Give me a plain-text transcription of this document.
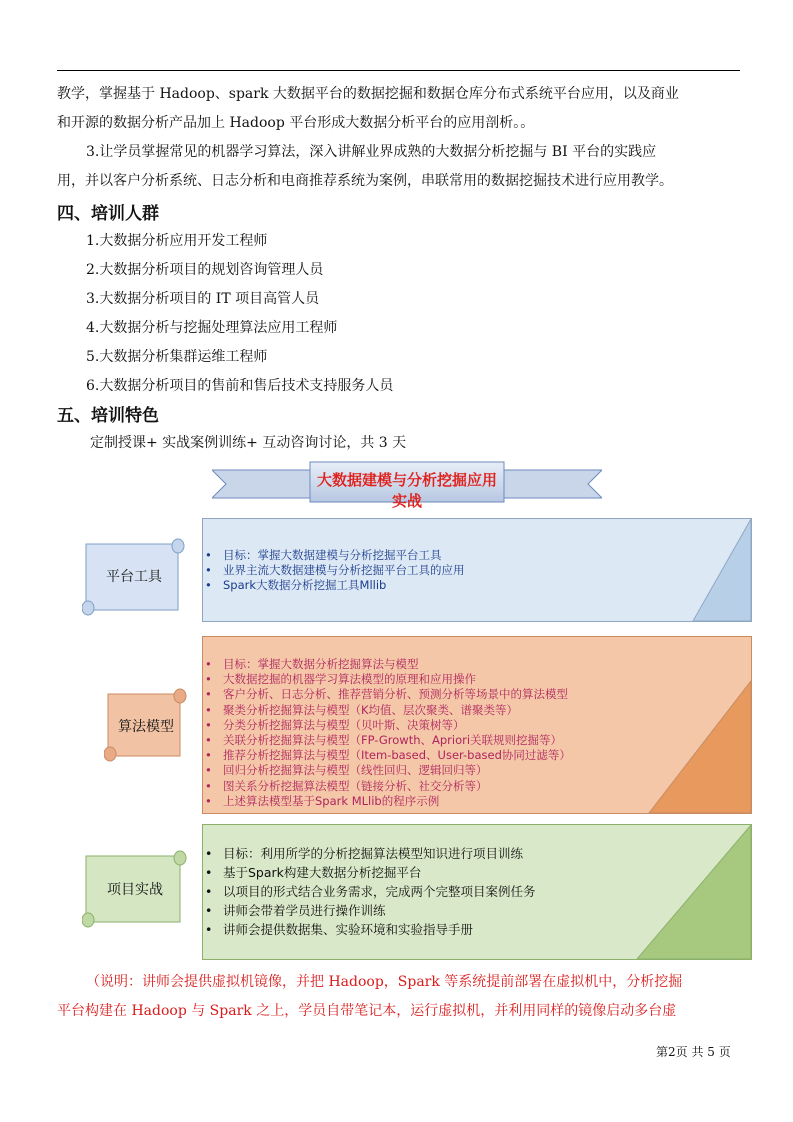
教学，掌握基于 Hadoop、spark 大数据平台的数据挖掘和数据仓库分布式系统平台应用，以及商业

和开源的数据分析产品加上 Hadoop 平台形成大数据分析平台的应用剖析。。

3.让学员掌握常见的机器学习算法，深入讲解业界成熟的大数据分析挖掘与 BI 平台的实践应

用，并以客户分析系统、日志分析和电商推荐系统为案例，串联常用的数据挖掘技术进行应用教学。

四、培训人群

1.大数据分析应用开发工程师

2.大数据分析项目的规划咨询管理人员

3.大数据分析项目的 IT 项目高管人员

4.大数据分析与挖掘处理算法应用工程师

5.大数据分析集群运维工程师

6.大数据分析项目的售前和售后技术支持服务人员

五、培训特色

定制授课+ 实战案例训练+ 互动咨询讨论，共 3 天

大数据建模与分析挖掘应用实战
平台工具
• 目标：掌握大数据建模与分析挖掘平台工具
• 业界主流大数据建模与分析挖掘平台工具的应用
• Spark大数据分析挖掘工具Mllib
算法模型
• 目标：掌握大数据分析挖掘算法与模型
• 大数据挖掘的机器学习算法模型的原理和应用操作
• 客户分析、日志分析、推荐营销分析、预测分析等场景中的算法模型
• 聚类分析挖掘算法与模型（K均值、层次聚类、谱聚类等）
• 分类分析挖掘算法与模型（贝叶斯、决策树等）
• 关联分析挖掘算法与模型（FP-Growth、Apriori关联规则挖掘等）
• 推荐分析挖掘算法与模型（Item-based、User-based协同过滤等）
• 回归分析挖掘算法与模型（线性回归、逻辑回归等）
• 图关系分析挖掘算法模型（链接分析、社交分析等）
• 上述算法模型基于Spark MLlib的程序示例
项目实战
• 目标：利用所学的分析挖掘算法模型知识进行项目训练
• 基于Spark构建大数据分析挖掘平台
• 以项目的形式结合业务需求，完成两个完整项目案例任务
• 讲师会带着学员进行操作训练
• 讲师会提供数据集、实验环境和实验指导手册

（说明：讲师会提供虚拟机镜像，并把 Hadoop，Spark 等系统提前部署在虚拟机中，分析挖掘

平台构建在 Hadoop 与 Spark 之上，学员自带笔记本，运行虚拟机，并利用同样的镜像启动多台虚

第2页 共 5 页
